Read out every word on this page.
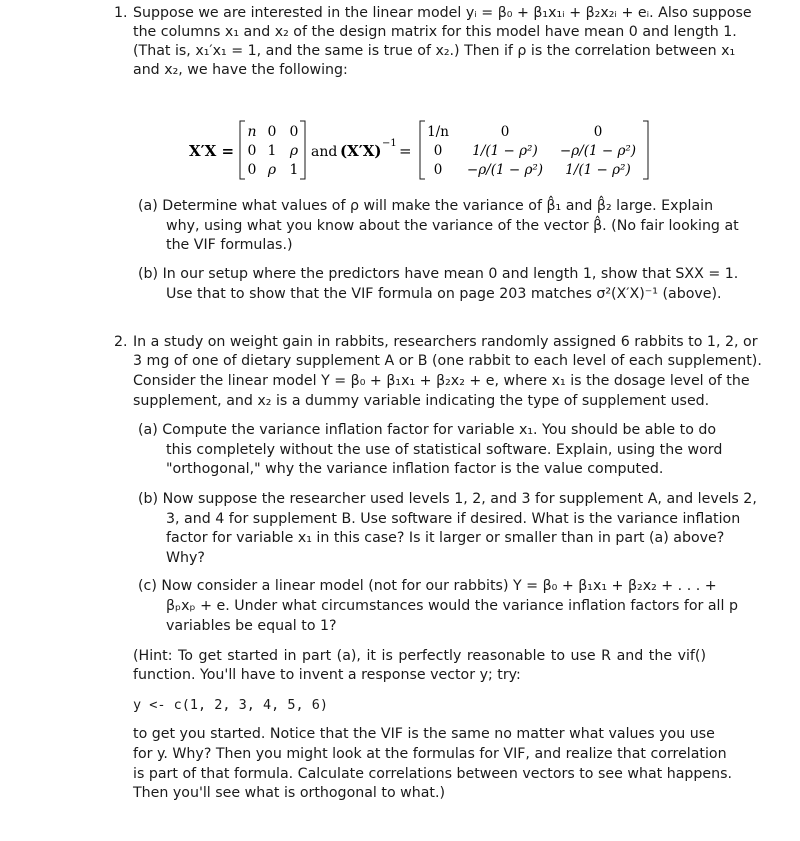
1. Suppose we are interested in the linear model yᵢ = β₀ + β₁x₁ᵢ + β₂x₂ᵢ + eᵢ. Also suppose
the columns x₁ and x₂ of the design matrix for this model have mean 0 and length 1.
(That is, x₁′x₁ = 1, and the same is true of x₂.) Then if ρ is the correlation between x₁
and x₂, we have the following:
X′X =
n 0 0
0 1 ρ
0 ρ 1
and (X′X) −1 =
1/n	0	0
0 1/(1 − ρ²) −ρ/(1 − ρ²)
0 −ρ/(1 − ρ²) 1/(1 − ρ²)
(a) Determine what values of ρ will make the variance of β̂₁ and β̂₂ large. Explain
why, using what you know about the variance of the vector β̂. (No fair looking at
the VIF formulas.)
(b) In our setup where the predictors have mean 0 and length 1, show that SXX = 1.
Use that to show that the VIF formula on page 203 matches σ²(X′X)⁻¹ (above).
2. In a study on weight gain in rabbits, researchers randomly assigned 6 rabbits to 1, 2, or
3 mg of one of dietary supplement A or B (one rabbit to each level of each supplement).
Consider the linear model Y = β₀ + β₁x₁ + β₂x₂ + e, where x₁ is the dosage level of the
supplement, and x₂ is a dummy variable indicating the type of supplement used.
(a) Compute the variance inflation factor for variable x₁. You should be able to do
this completely without the use of statistical software. Explain, using the word
"orthogonal," why the variance inflation factor is the value computed.
(b) Now suppose the researcher used levels 1, 2, and 3 for supplement A, and levels 2,
3, and 4 for supplement B. Use software if desired. What is the variance inflation
factor for variable x₁ in this case? Is it larger or smaller than in part (a) above?
Why?
(c) Now consider a linear model (not for our rabbits) Y = β₀ + β₁x₁ + β₂x₂ + . . . +
βₚxₚ + e. Under what circumstances would the variance inflation factors for all p
variables be equal to 1?
(Hint: To get started in part (a), it is perfectly reasonable to use R and the vif()
function. You'll have to invent a response vector y; try:
y <- c(1, 2, 3, 4, 5, 6)
to get you started. Notice that the VIF is the same no matter what values you use
for y. Why? Then you might look at the formulas for VIF, and realize that correlation
is part of that formula. Calculate correlations between vectors to see what happens.
Then you'll see what is orthogonal to what.)
